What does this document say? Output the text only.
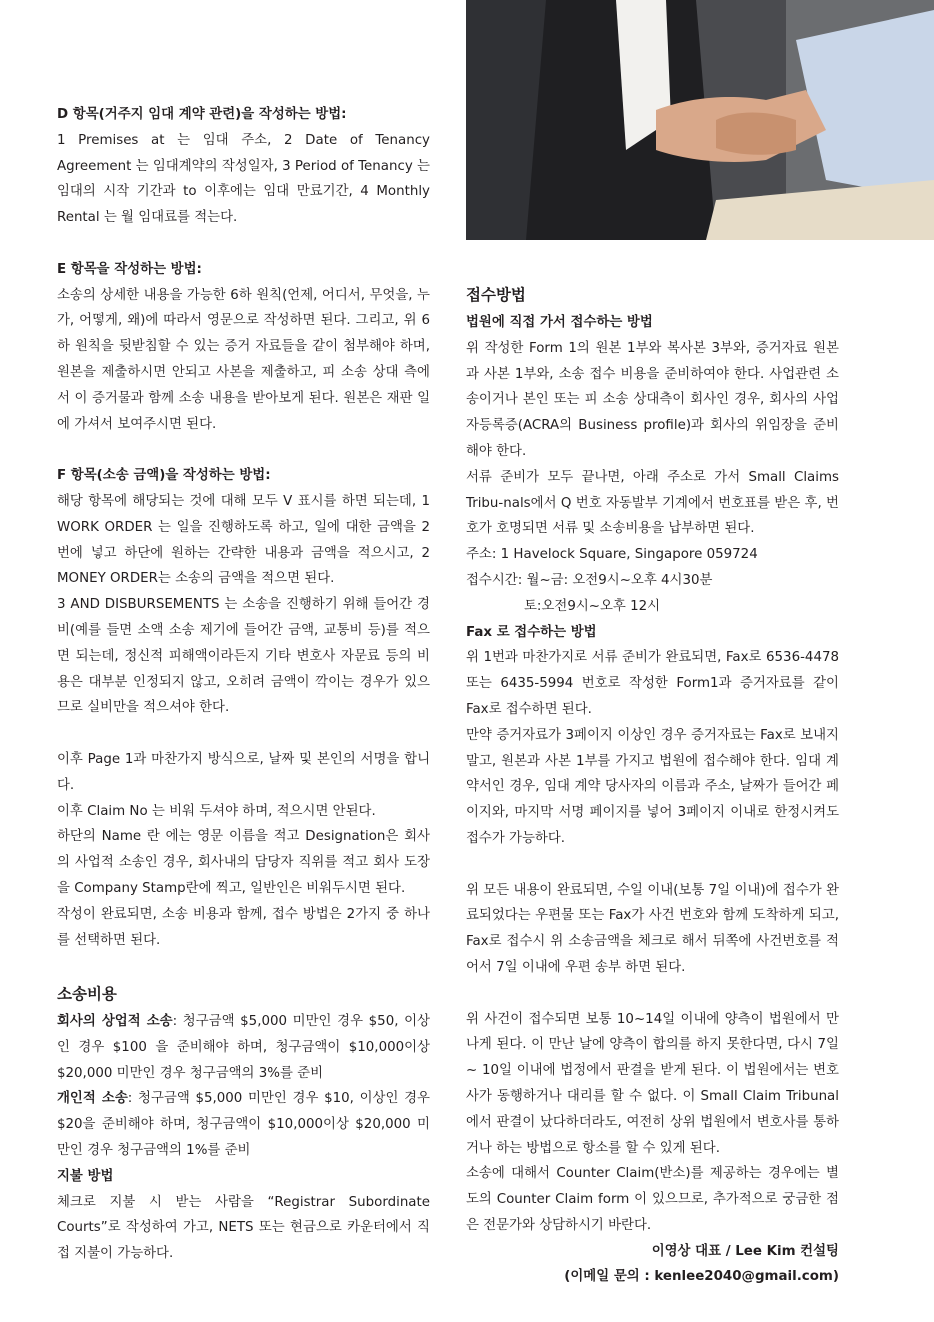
D 항목(거주지 임대 계약 관련)을 작성하는 방법:

1 Premises at 는 임대 주소, 2 Date of Tenancy Agreement 는 임대계약의 작성일자, 3 Period of Tenancy 는 임대의 시작 기간과 to 이후에는 임대 만료기간, 4 Monthly Rental 는 월 임대료를 적는다.

E 항목을 작성하는 방법:

소송의 상세한 내용을 가능한 6하 원칙(언제, 어디서, 무엇을, 누가, 어떻게, 왜)에 따라서 영문으로 작성하면 된다. 그리고, 위 6하 원칙을 뒷받침할 수 있는 증거 자료들을 같이 첨부해야 하며, 원본을 제출하시면 안되고 사본을 제출하고, 피 소송 상대 측에서 이 증거물과 함께 소송 내용을 받아보게 된다. 원본은 재판 일에 가셔서 보여주시면 된다.

F 항목(소송 금액)을 작성하는 방법:

해당 항목에 해당되는 것에 대해 모두 V 표시를 하면 되는데, 1 WORK ORDER 는 일을 진행하도록 하고, 일에 대한 금액을 2 번에 넣고 하단에 원하는 간략한 내용과 금액을 적으시고, 2 MONEY ORDER는 소송의 금액을 적으면 된다.

3 AND DISBURSEMENTS 는 소송을 진행하기 위해 들어간 경비(예를 들면 소액 소송 제기에 들어간 금액, 교통비 등)를 적으면 되는데, 정신적 피해액이라든지 기타 변호사 자문료 등의 비용은 대부분 인정되지 않고, 오히려 금액이 깍이는 경우가 있으므로 실비만을 적으셔야 한다.

이후 Page 1과 마찬가지 방식으로, 날짜 및 본인의 서명을 합니다.

이후 Claim No 는 비워 두셔야 하며, 적으시면 안된다.

하단의 Name 란 에는 영문 이름을 적고 Designation은 회사의 사업적 소송인 경우, 회사내의 담당자 직위를 적고 회사 도장을 Company Stamp란에 찍고, 일반인은 비워두시면 된다.

작성이 완료되면, 소송 비용과 함께, 접수 방법은 2가지 중 하나를 선택하면 된다.

소송비용

회사의 상업적 소송: 청구금액 $5,000 미만인 경우 $50, 이상인 경우 $100 을 준비해야 하며, 청구금액이 $10,000이상 $20,000 미만인 경우 청구금액의 3%를 준비

개인적 소송: 청구금액 $5,000 미만인 경우 $10, 이상인 경우 $20을 준비해야 하며, 청구금액이 $10,000이상 $20,000 미만인 경우 청구금액의 1%를 준비

지불 방법

체크로 지불 시 받는 사람을 “Registrar Subordinate Courts”로 작성하여 가고, NETS 또는 현금으로 카운터에서 직접 지불이 가능하다.

접수방법

법원에 직접 가서 접수하는 방법

위 작성한 Form 1의 원본 1부와 복사본 3부와, 증거자료 원본과 사본 1부와, 소송 접수 비용을 준비하여야 한다. 사업관련 소송이거나 본인 또는 피 소송 상대측이 회사인 경우, 회사의 사업자등록증(ACRA의 Business profile)과 회사의 위임장을 준비해야 한다.

서류 준비가 모두 끝나면, 아래 주소로 가서 Small Claims Tribu-nals에서 Q 번호 자동발부 기계에서 번호표를 받은 후, 번호가 호명되면 서류 및 소송비용을 납부하면 된다.

주소: 1 Havelock Square, Singapore 059724

접수시간: 월~금: 오전9시~오후 4시30분

토:오전9시~오후 12시

Fax 로 접수하는 방법

위 1번과 마찬가지로 서류 준비가 완료되면, Fax로 6536-4478 또는 6435-5994 번호로 작성한 Form1과 증거자료를 같이 Fax로 접수하면 된다.

만약 증거자료가 3페이지 이상인 경우 증거자료는 Fax로 보내지 말고, 원본과 사본 1부를 가지고 법원에 접수해야 한다. 임대 계약서인 경우, 임대 계약 당사자의 이름과 주소, 날짜가 들어간 페이지와, 마지막 서명 페이지를 넣어 3페이지 이내로 한정시켜도 접수가 가능하다.

위 모든 내용이 완료되면, 수일 이내(보통 7일 이내)에 접수가 완료되었다는 우편물 또는 Fax가 사건 번호와 함께 도착하게 되고, Fax로 접수시 위 소송금액을 체크로 해서 뒤쪽에 사건번호를 적어서 7일 이내에 우편 송부 하면 된다.

위 사건이 접수되면 보통 10~14일 이내에 양측이 법원에서 만나게 된다. 이 만난 날에 양측이 합의를 하지 못한다면, 다시 7일 ~ 10일 이내에 법정에서 판결을 받게 된다. 이 법원에서는 변호사가 동행하거나 대리를 할 수 없다. 이 Small Claim Tribunal 에서 판결이 났다하더라도, 여전히 상위 법원에서 변호사를 통하거나 하는 방법으로 항소를 할 수 있게 된다.

소송에 대해서 Counter Claim(반소)를 제공하는 경우에는 별도의 Counter Claim form 이 있으므로, 추가적으로 궁금한 점은 전문가와 상담하시기 바란다.

이영상 대표 / Lee Kim 컨설팅

(이메일 문의 : kenlee2040@gmail.com)
